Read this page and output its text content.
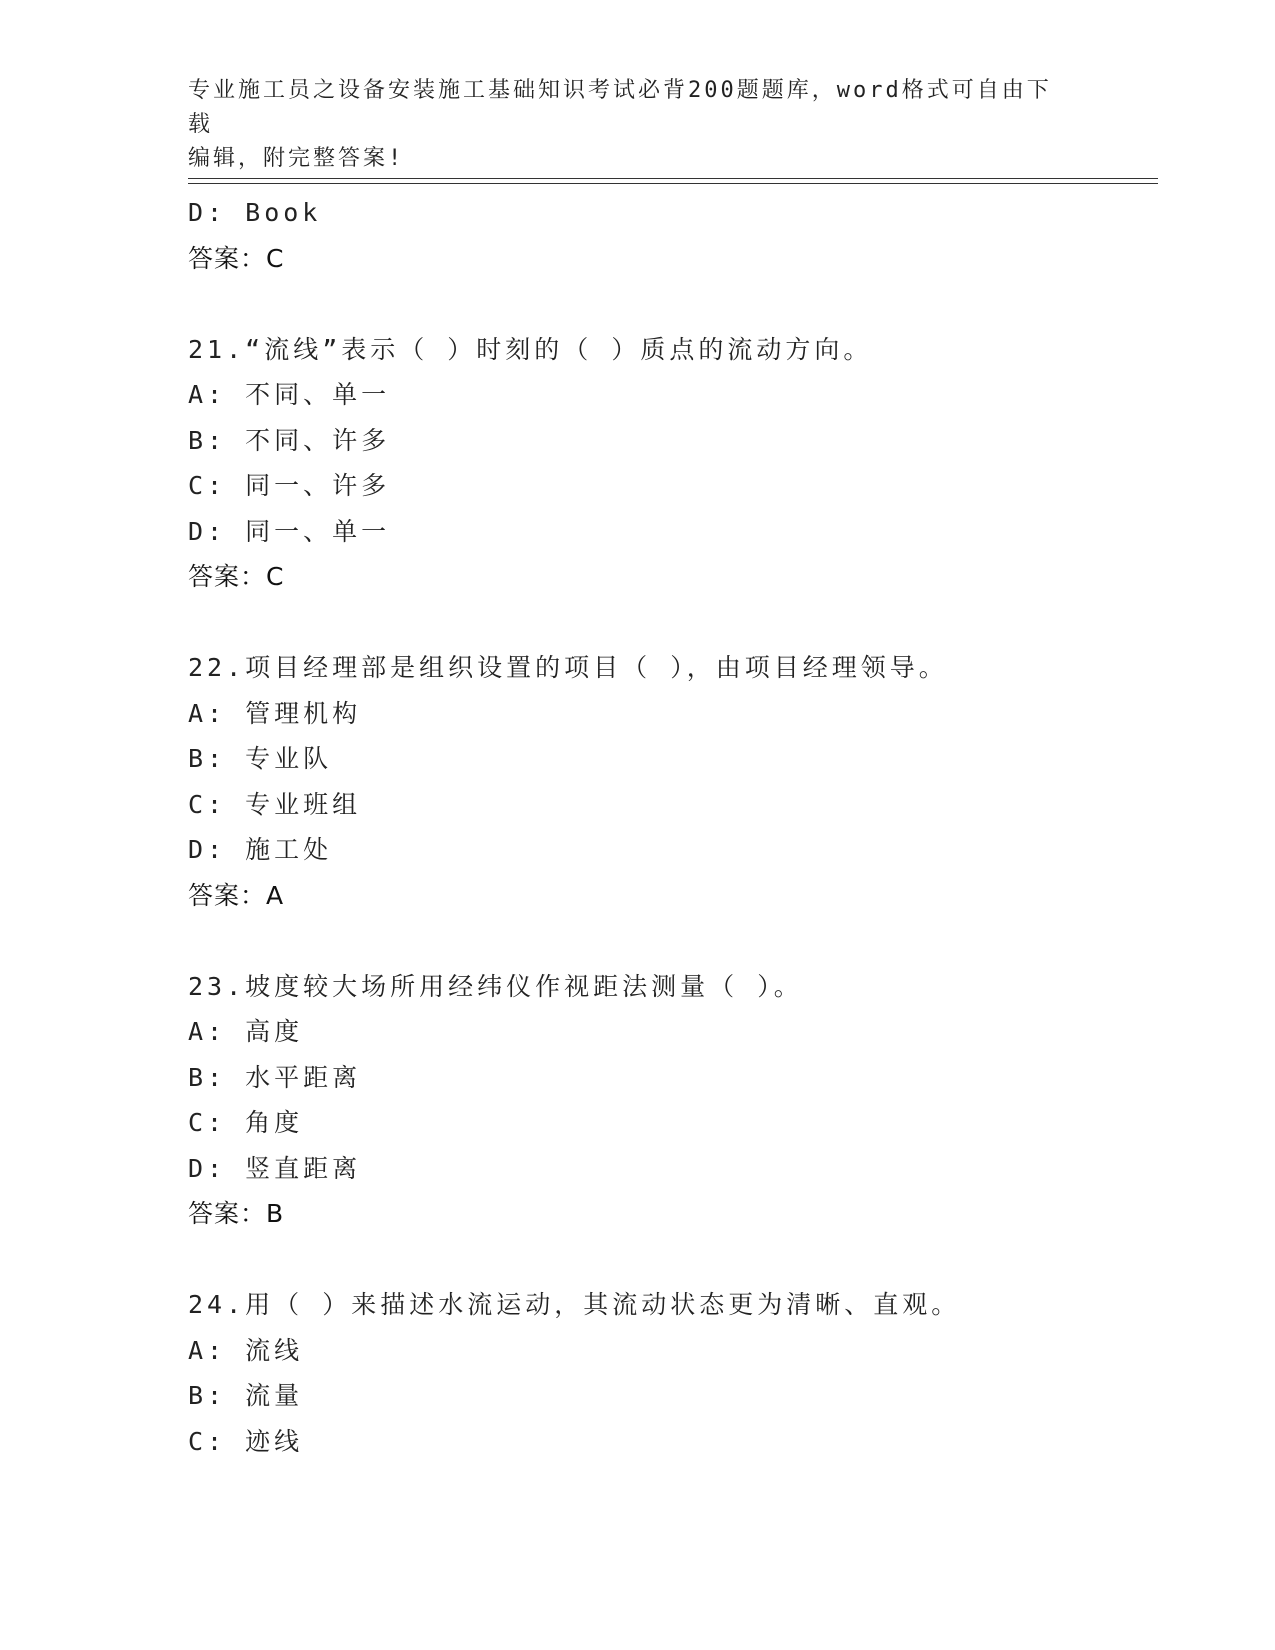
专业施工员之设备安装施工基础知识考试必背200题题库，word格式可自由下载
编辑，附完整答案!
D: Book
答案：C
21.“流线”表示（ ）时刻的（ ）质点的流动方向。
A: 不同、单一
B: 不同、许多
C: 同一、许多
D: 同一、单一
答案：C
22.项目经理部是组织设置的项目（ ），由项目经理领导。
A: 管理机构
B: 专业队
C: 专业班组
D: 施工处
答案：A
23.坡度较大场所用经纬仪作视距法测量（ ）。
A: 高度
B: 水平距离
C: 角度
D: 竖直距离
答案：B
24.用（ ）来描述水流运动，其流动状态更为清晰、直观。
A: 流线
B: 流量
C: 迹线
